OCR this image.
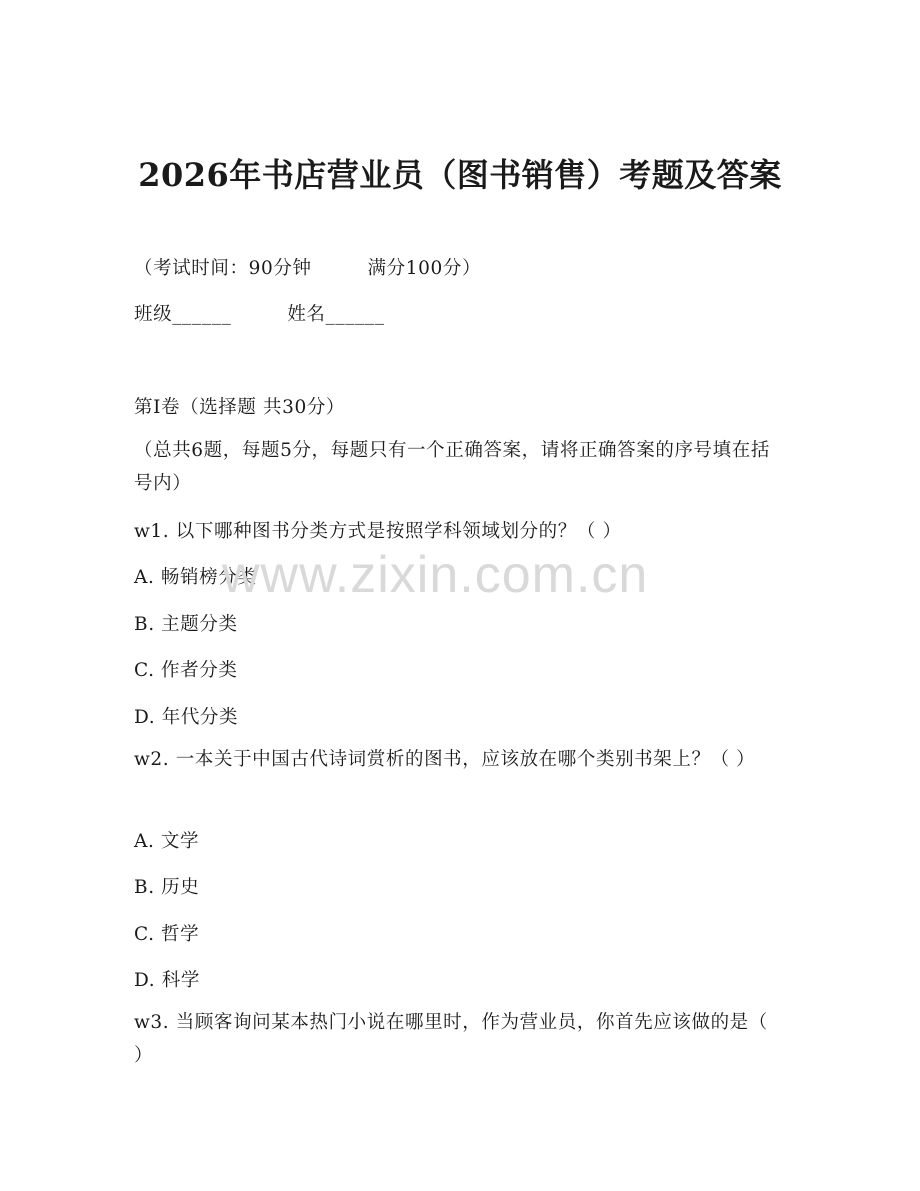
2026年书店营业员（图书销售）考题及答案
（考试时间：90分钟	满分100分）
班级______	姓名______
第Ⅰ卷（选择题 共30分）
（总共6题，每题5分，每题只有一个正确答案，请将正确答案的序号填在括号内）
w1. 以下哪种图书分类方式是按照学科领域划分的？（ ）
A. 畅销榜分类
B. 主题分类
C. 作者分类
D. 年代分类
w2. 一本关于中国古代诗词赏析的图书，应该放在哪个类别书架上？（ ）
A. 文学
B. 历史
C. 哲学
D. 科学
w3. 当顾客询问某本热门小说在哪里时，作为营业员，你首先应该做的是（ ）
www.zixin.com.cn
